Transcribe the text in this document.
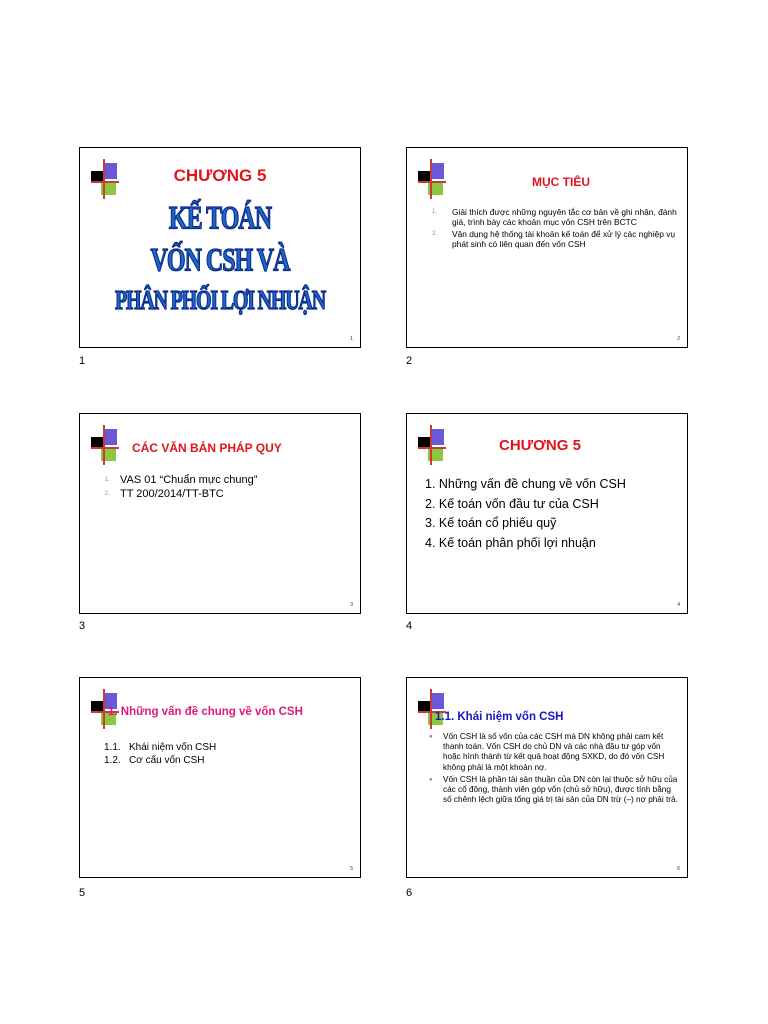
CHƯƠNG 5
KẾ TOÁN
VỐN CSH VÀ
PHÂN PHỐI LỢI NHUẬN
1
1
MỤC TIÊU
1. Giải thích được những nguyên tắc cơ bản về ghi nhận, đánh giá, trình bày các khoản mục vốn CSH trên BCTC
2. Vận dụng hệ thống tài khoản kế toán để xử lý các nghiệp vụ phát sinh có liên quan đến vốn CSH
2
2
CÁC VĂN BẢN PHÁP QUY
1. VAS 01 “Chuẩn mực chung”
2. TT 200/2014/TT-BTC
3
3
CHƯƠNG 5
1. Những vấn đề chung về vốn CSH
2. Kế toán vốn đầu tư của CSH
3. Kế toán cổ phiếu quỹ
4. Kế toán phân phối lợi nhuận
4
4
1. Những vấn đề chung về vốn CSH
1.1.   Khái niệm vốn CSH
1.2.   Cơ cấu vốn CSH
5
5
1.1. Khái niệm vốn CSH
● Vốn CSH là số vốn của các CSH mà DN không phải cam kết thanh toán. Vốn CSH do chủ DN và các nhà đầu tư góp vốn hoặc hình thành từ kết quả hoạt động SXKD, do đó vốn CSH không phải là một khoản nợ.
● Vốn CSH là phần tài sản thuần của DN còn lại thuộc sở hữu của các cổ đông, thành viên góp vốn (chủ sở hữu), được tính bằng số chênh lệch giữa tổng giá trị tài sản của DN trừ (–) nợ phải trả.
6
6
